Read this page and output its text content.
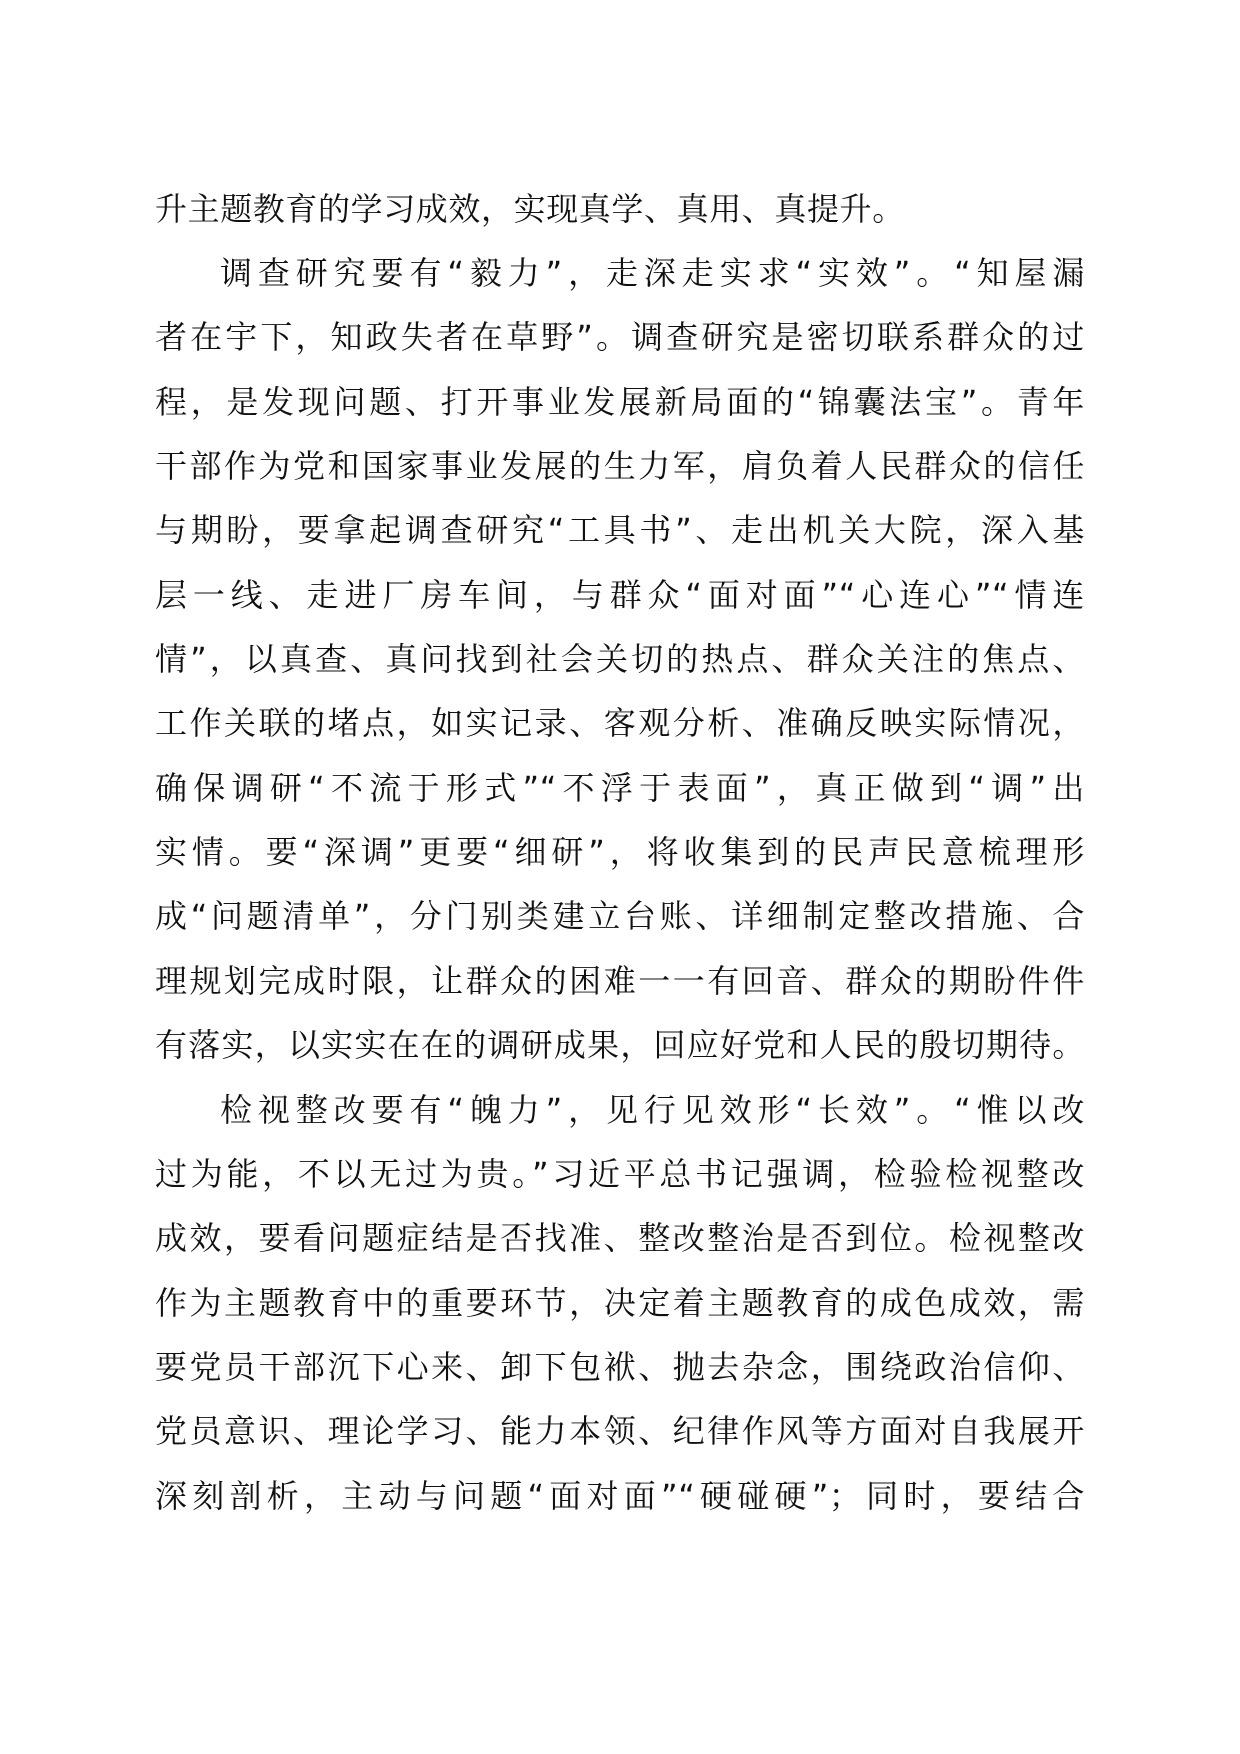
升主题教育的学习成效，实现真学、真用、真提升。

调查研究要有“毅力”，走深走实求“实效”。“知屋漏

者在宇下，知政失者在草野”。调查研究是密切联系群众的过

程，是发现问题、打开事业发展新局面的“锦囊法宝”。青年

干部作为党和国家事业发展的生力军，肩负着人民群众的信任

与期盼，要拿起调查研究“工具书”、走出机关大院，深入基

层一线、走进厂房车间，与群众“面对面”“心连心”“情连

情”，以真查、真问找到社会关切的热点、群众关注的焦点、

工作关联的堵点，如实记录、客观分析、准确反映实际情况，

确保调研“不流于形式”“不浮于表面”，真正做到“调”出

实情。要“深调”更要“细研”，将收集到的民声民意梳理形

成“问题清单”，分门别类建立台账、详细制定整改措施、合

理规划完成时限，让群众的困难一一有回音、群众的期盼件件

有落实，以实实在在的调研成果，回应好党和人民的殷切期待。

检视整改要有“魄力”，见行见效形“长效”。“惟以改

过为能，不以无过为贵。”习近平总书记强调，检验检视整改

成效，要看问题症结是否找准、整改整治是否到位。检视整改

作为主题教育中的重要环节，决定着主题教育的成色成效，需

要党员干部沉下心来、卸下包袱、抛去杂念，围绕政治信仰、

党员意识、理论学习、能力本领、纪律作风等方面对自我展开

深刻剖析，主动与问题“面对面”“硬碰硬”；同时，要结合
